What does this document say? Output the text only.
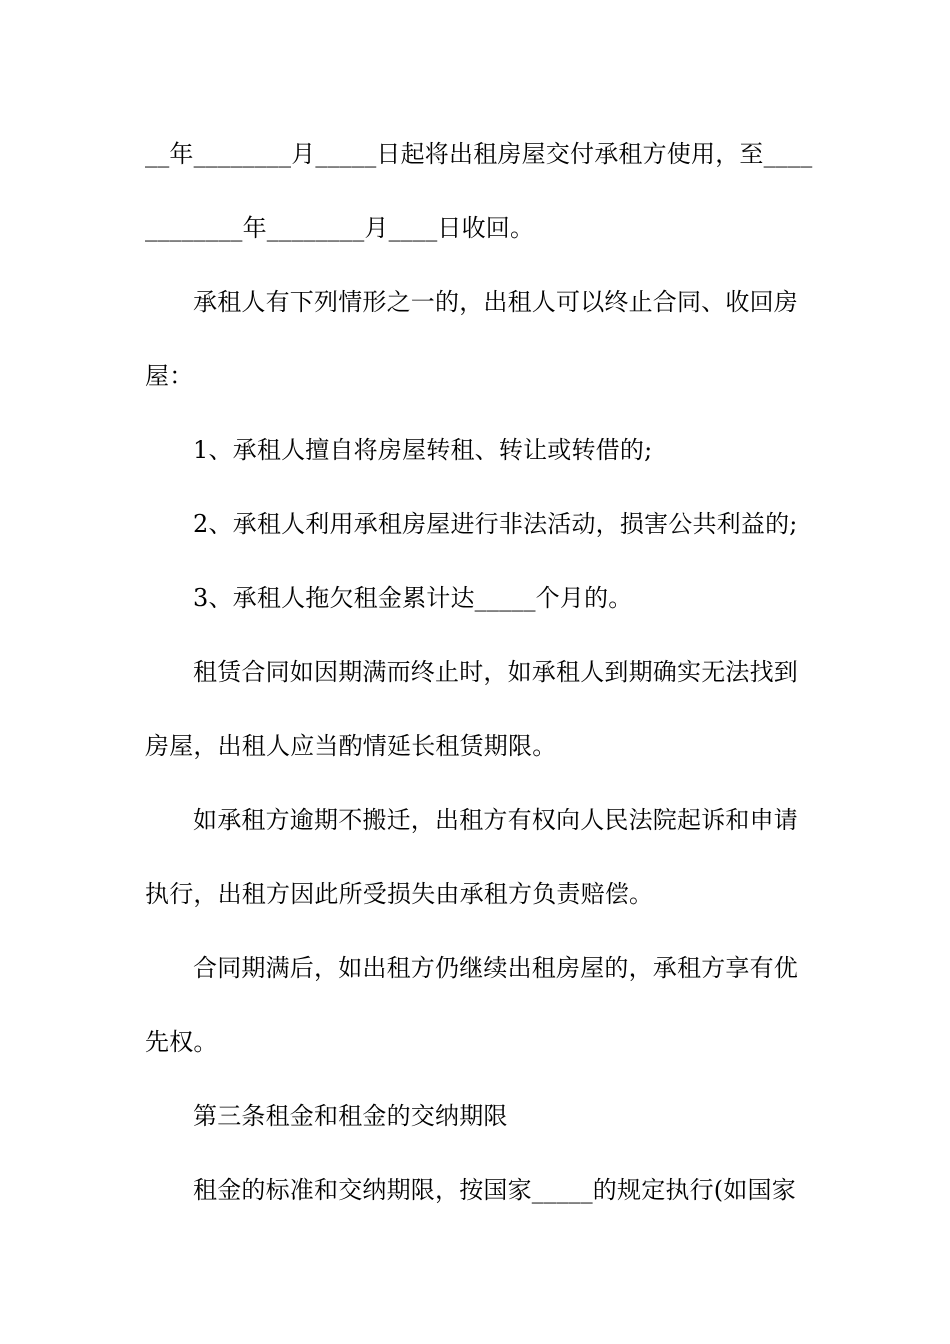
__年________月_____日起将出租房屋交付承租方使用，至____
________年________月____日收回。
承租人有下列情形之一的，出租人可以终止合同、收回房
屋：
1、承租人擅自将房屋转租、转让或转借的;
2、承租人利用承租房屋进行非法活动，损害公共利益的;
3、承租人拖欠租金累计达_____个月的。
租赁合同如因期满而终止时，如承租人到期确实无法找到
房屋，出租人应当酌情延长租赁期限。
如承租方逾期不搬迁，出租方有权向人民法院起诉和申请
执行，出租方因此所受损失由承租方负责赔偿。
合同期满后，如出租方仍继续出租房屋的，承租方享有优
先权。
第三条租金和租金的交纳期限
租金的标准和交纳期限，按国家_____的规定执行(如国家
